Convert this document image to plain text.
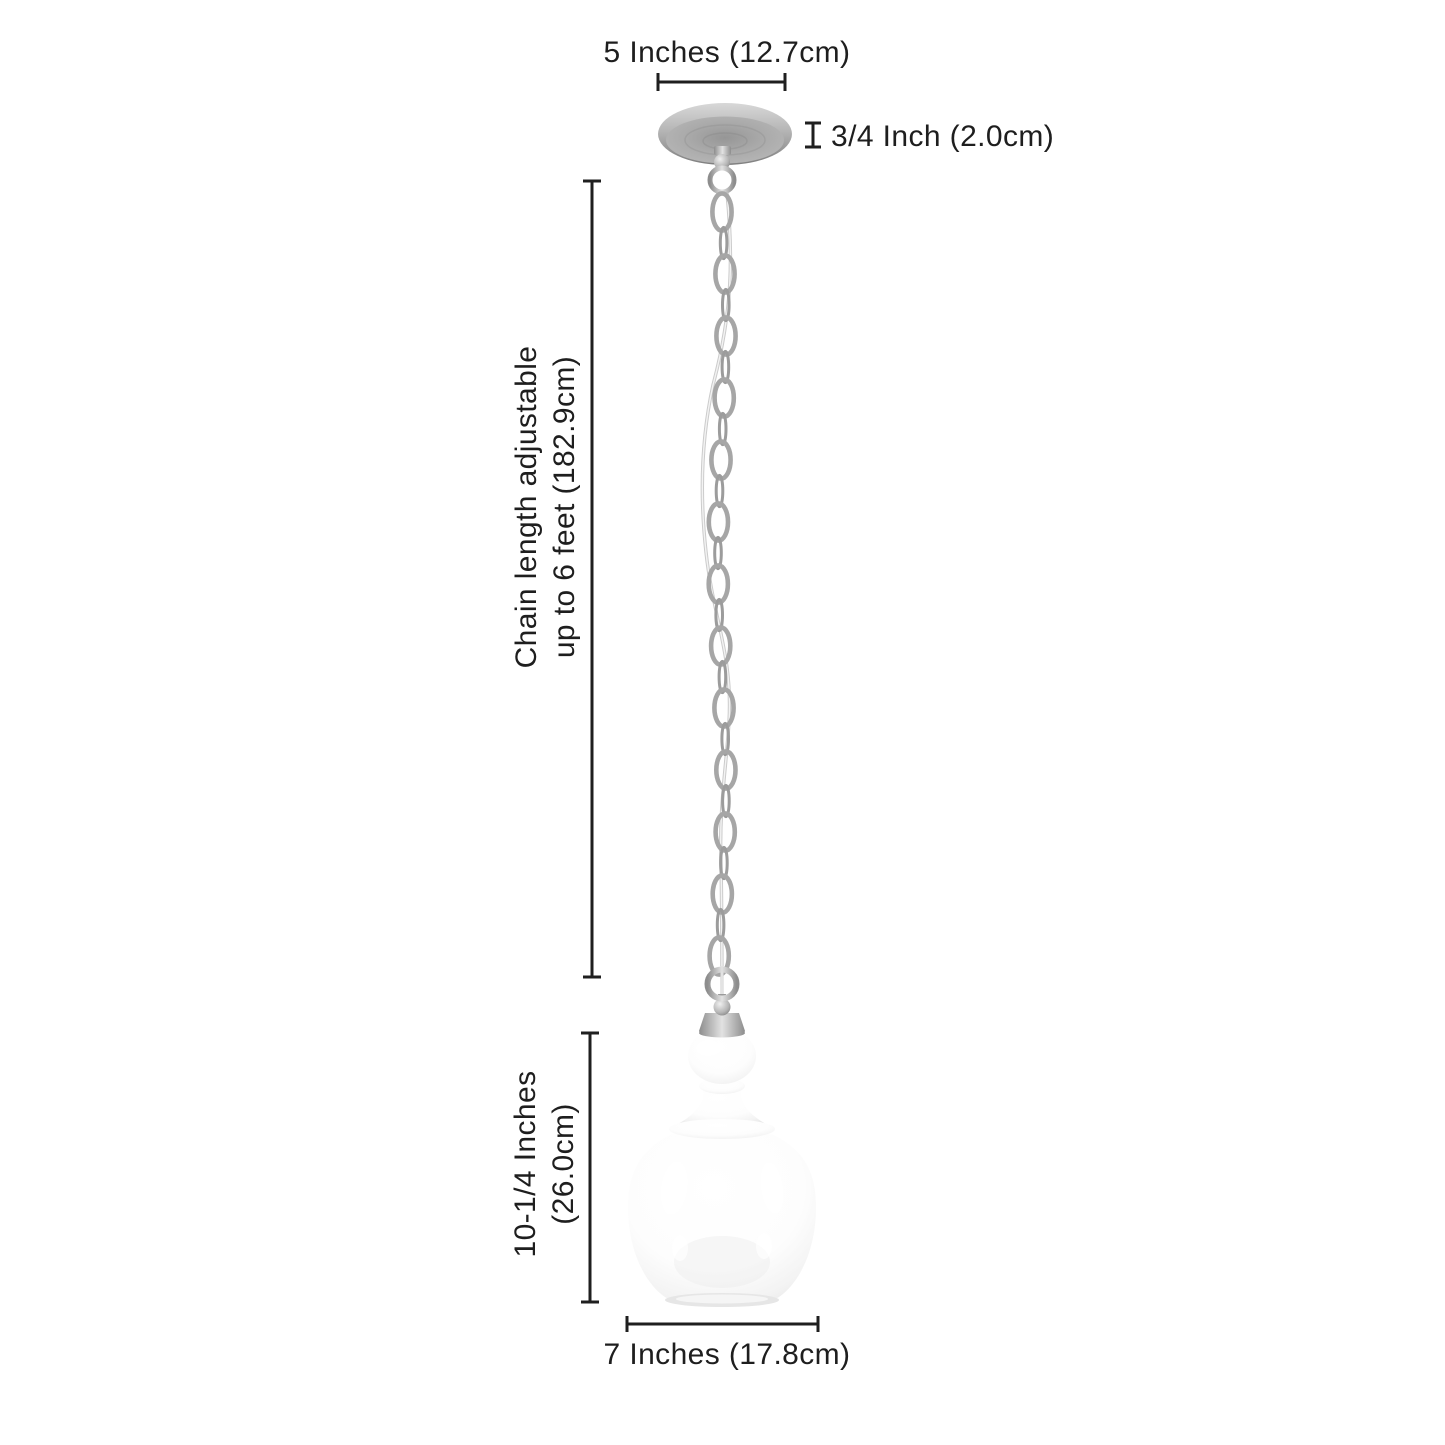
5 Inches (12.7cm)
3/4 Inch (2.0cm)
Chain length adjustable up to 6 feet (182.9cm)
10-1/4 Inches (26.0cm)
7 Inches (17.8cm)
